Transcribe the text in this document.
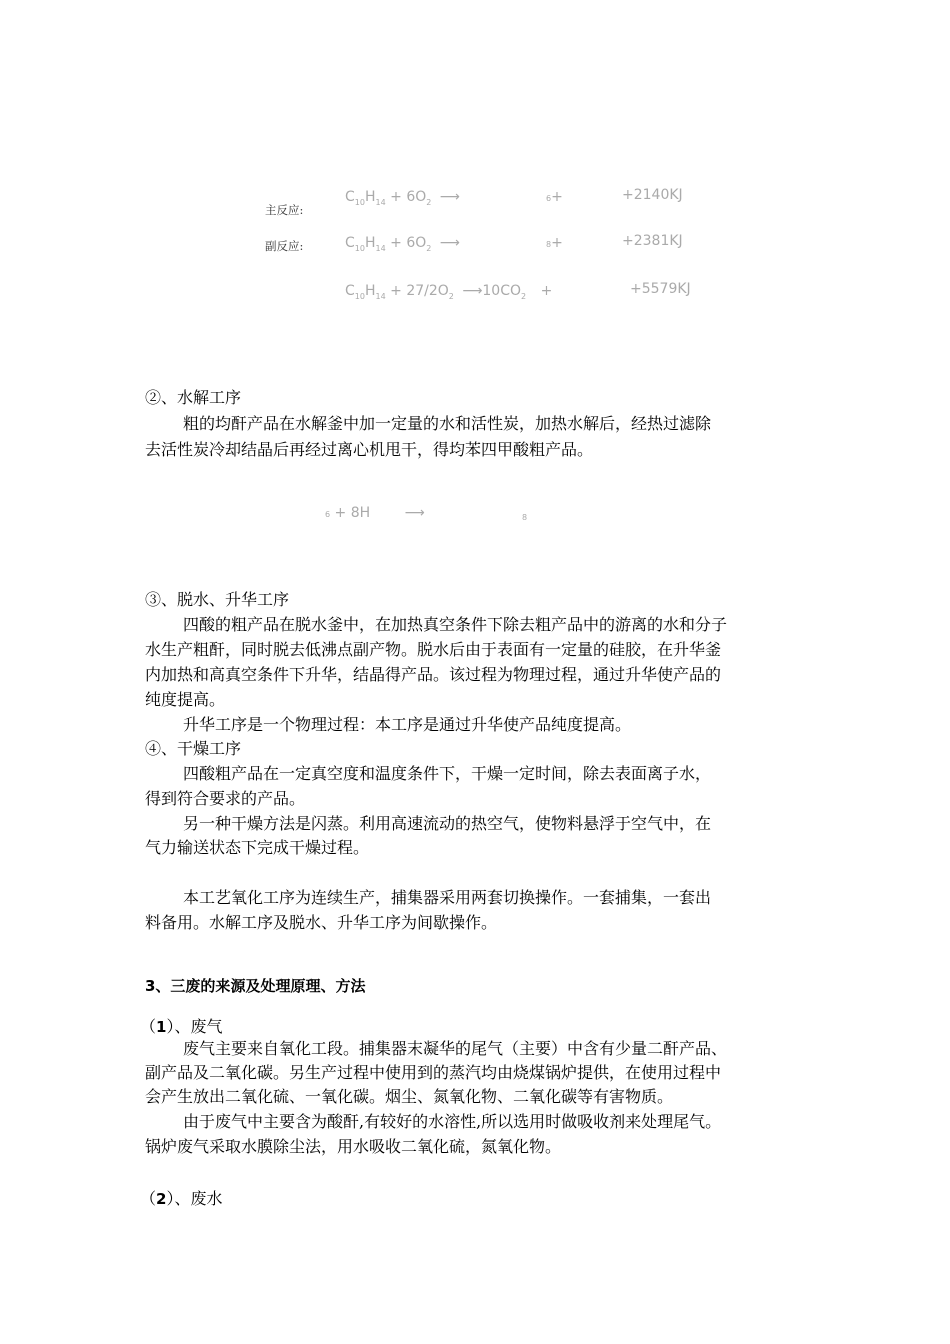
主反应:
$C_{10}H_{14} + 6O_2$ ⟶	6+	+2140KJ
副反应:	$C_{10}H_{14} + 6O_2$ ⟶	8+	+2381KJ
$C_{10}H_{14} + 27/2O_2$ $⟶10CO_2$ +	+5579KJ
②、水解工序
粗的均酐产品在水解釜中加一定量的水和活性炭，加热水解后，经热过滤除
去活性炭冷却结晶后再经过离心机甩干，得均苯四甲酸粗产品。
6 + 8H ⟶	8
③、脱水、升华工序
四酸的粗产品在脱水釜中，在加热真空条件下除去粗产品中的游离的水和分子
水生产粗酐，同时脱去低沸点副产物。脱水后由于表面有一定量的硅胶，在升华釜
内加热和高真空条件下升华，结晶得产品。该过程为物理过程，通过升华使产品的
纯度提高。
升华工序是一个物理过程：本工序是通过升华使产品纯度提高。
④、干燥工序
四酸粗产品在一定真空度和温度条件下，干燥一定时间，除去表面离子水，
得到符合要求的产品。
另一种干燥方法是闪蒸。利用高速流动的热空气，使物料悬浮于空气中，在
气力输送状态下完成干燥过程。
本工艺氧化工序为连续生产，捕集器采用两套切换操作。一套捕集，一套出
料备用。水解工序及脱水、升华工序为间歇操作。
3、三废的来源及处理原理、方法
（1）、废气
废气主要来自氧化工段。捕集器末凝华的尾气（主要）中含有少量二酐产品、
副产品及二氧化碳。另生产过程中使用到的蒸汽均由烧煤锅炉提供，在使用过程中
会产生放出二氧化硫、一氧化碳。烟尘、氮氧化物、二氧化碳等有害物质。
由于废气中主要含为酸酐,有较好的水溶性,所以选用时做吸收剂来处理尾气。
锅炉废气采取水膜除尘法，用水吸收二氧化硫，氮氧化物。
（2）、废水
